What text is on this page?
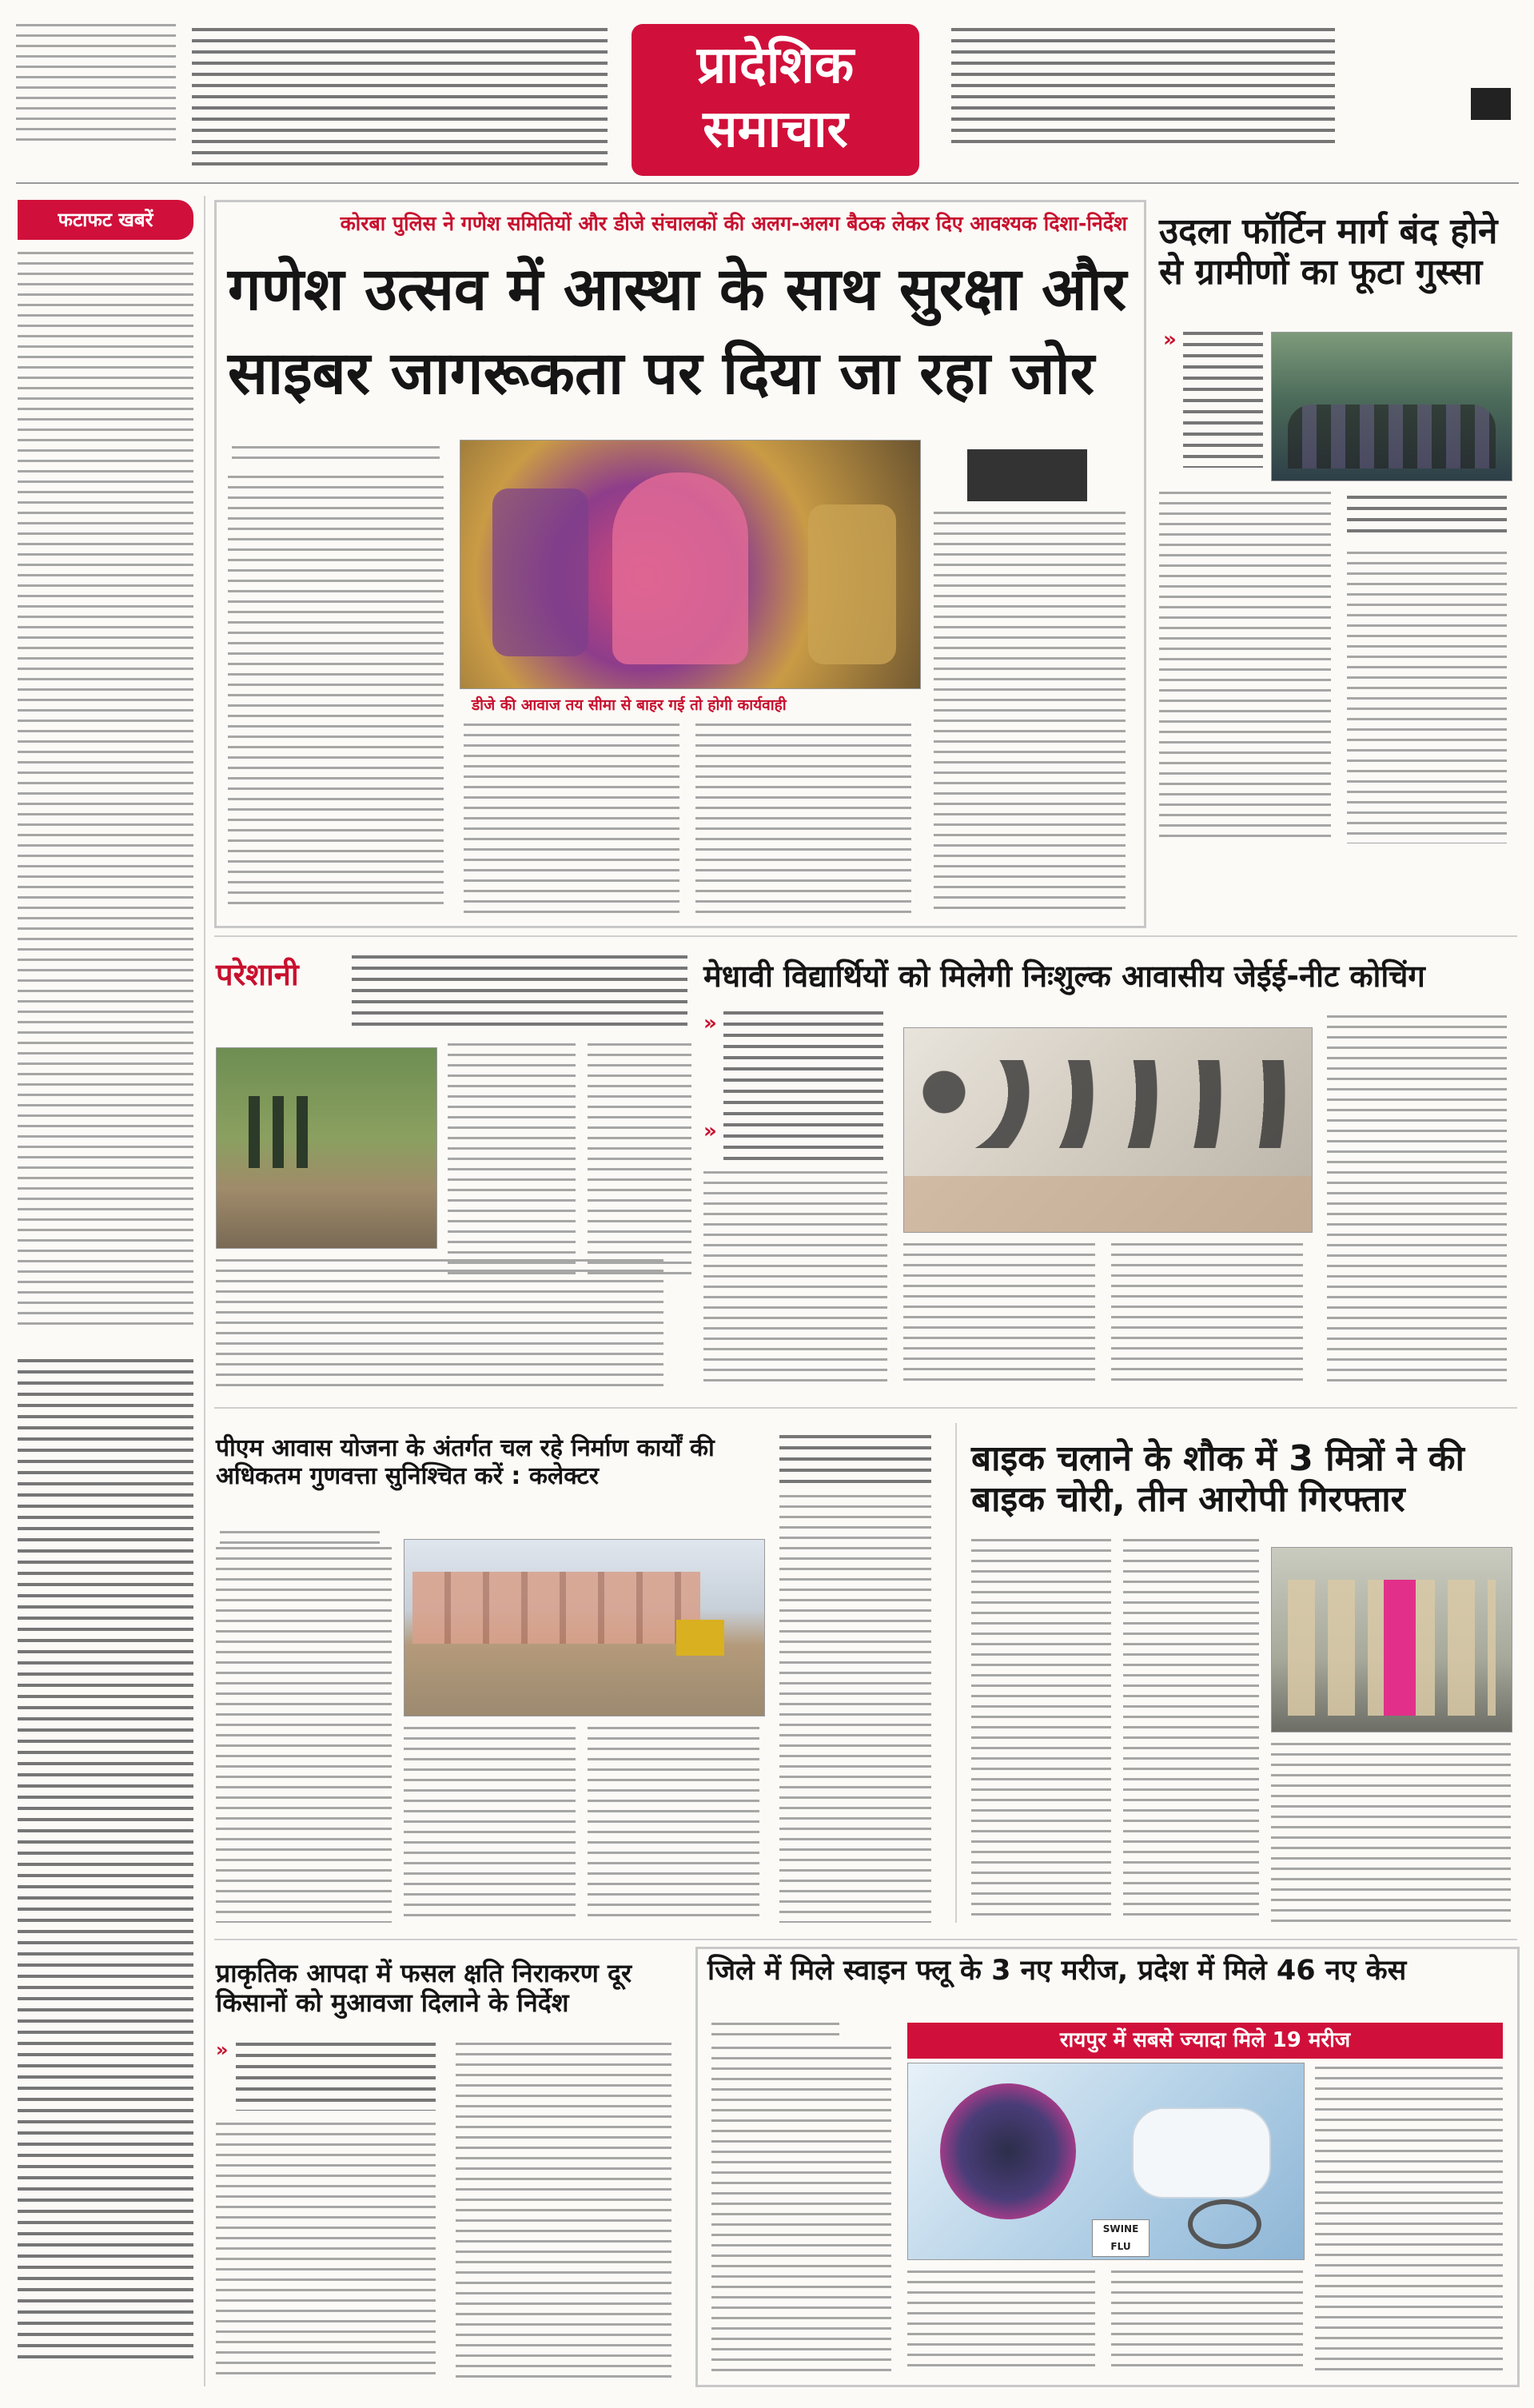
प्रादेशिक
समाचार
फटाफट खबरें	कोरबा पुलिस ने गणेश समितियों और डीजे संचालकों की अलग-अलग बैठक लेकर दिए आवश्यक दिशा-निर्देश
गणेश उत्सव में आस्था के साथ सुरक्षा और
साइबर जागरूकता पर दिया जा रहा जोर
डीजे की आवाज तय सीमा से बाहर गई तो होगी कार्यवाही
उदला फॉर्टिन मार्ग बंद होने से ग्रामीणों का फूटा गुस्सा
»
परेशानी	मेधावी विद्यार्थियों को मिलेगी निःशुल्क आवासीय जेईई-नीट कोचिंग
»
»
पीएम आवास योजना के अंतर्गत चल रहे निर्माण कार्यों की अधिकतम गुणवत्ता सुनिश्चित करें : कलेक्टर	बाइक चलाने के शौक में 3 मित्रों ने की बाइक चोरी, तीन आरोपी गिरफ्तार
प्राकृतिक आपदा में फसल क्षति निराकरण दूर किसानों को मुआवजा दिलाने के निर्देश
»
जिले में मिले स्वाइन फ्लू के 3 नए मरीज, प्रदेश में मिले 46 नए केस
रायपुर में सबसे ज्यादा मिले 19 मरीज
SWINE FLU
